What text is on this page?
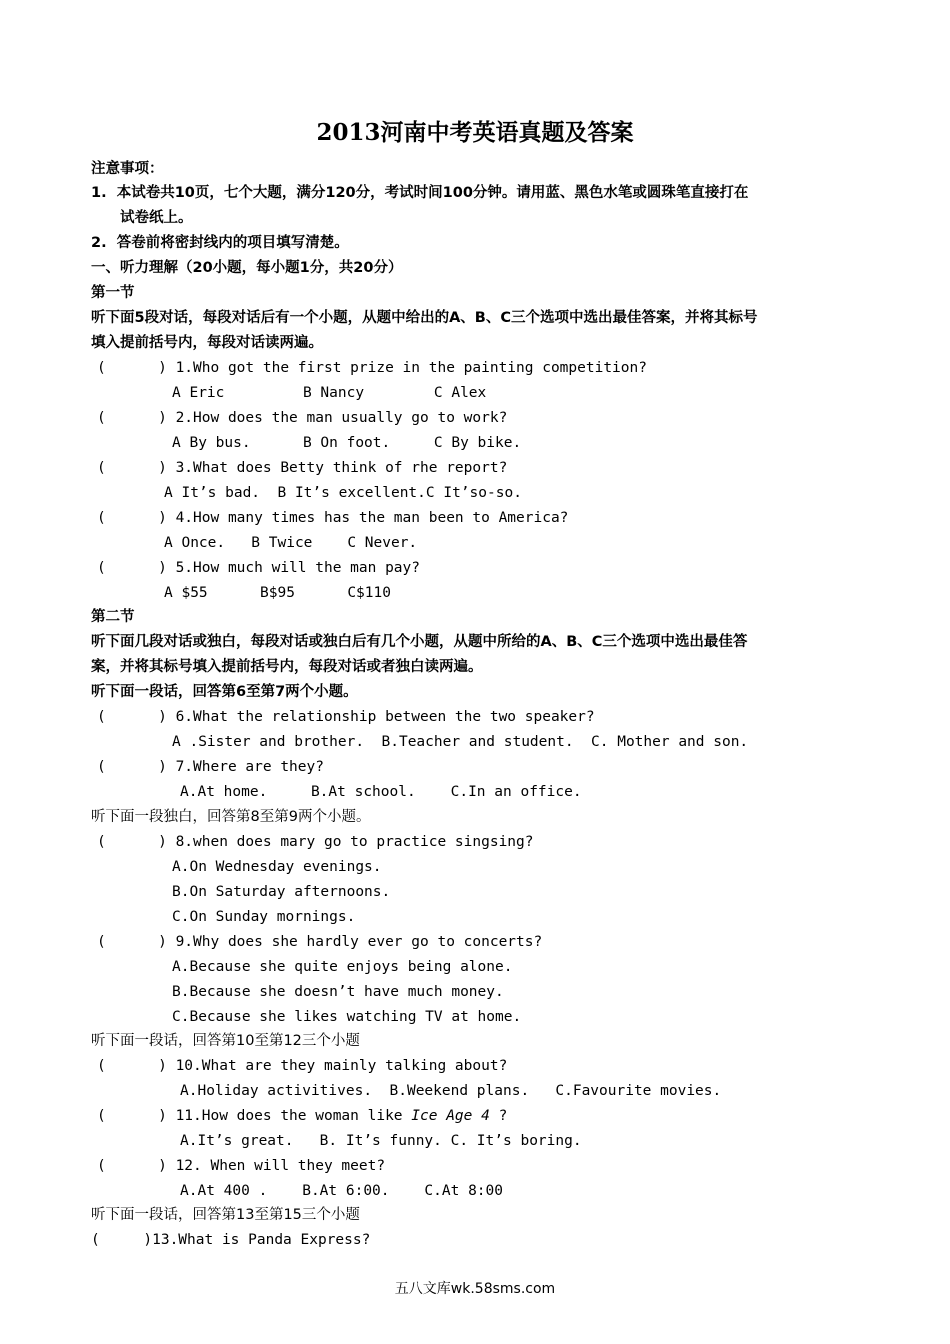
2013河南中考英语真题及答案
注意事项：
1.  本试卷共10页，七个大题，满分120分，考试时间100分钟。请用蓝、黑色水笔或圆珠笔直接打在
试卷纸上。
2.  答卷前将密封线内的项目填写清楚。
一、听力理解（20小题，每小题1分，共20分）
第一节
听下面5段对话，每段对话后有一个小题，从题中给出的A、B、C三个选项中选出最佳答案，并将其标号
填入提前括号内，每段对话读两遍。
(      ) 1.Who got the first prize in the painting competition?
A Eric         B Nancy        C Alex
(      ) 2.How does the man usually go to work?
A By bus.      B On foot.     C By bike.
(      ) 3.What does Betty think of rhe report?
A It’s bad.  B It’s excellent.C It’so-so.
(      ) 4.How many times has the man been to America?
A Once.   B Twice    C Never.
(      ) 5.How much will the man pay?
A $55      B$95      C$110
第二节
听下面几段对话或独白，每段对话或独白后有几个小题，从题中所给的A、B、C三个选项中选出最佳答
案，并将其标号填入提前括号内，每段对话或者独白读两遍。
听下面一段话，回答第6至第7两个小题。
(      ) 6.What the relationship between the two speaker?
A .Sister and brother.  B.Teacher and student.  C. Mother and son.
(      ) 7.Where are they?
A.At home.     B.At school.    C.In an office.
听下面一段独白，回答第8至第9两个小题。
(      ) 8.when does mary go to practice singsing?
A.On Wednesday evenings.
B.On Saturday afternoons.
C.On Sunday mornings.
(      ) 9.Why does she hardly ever go to concerts?
A.Because she quite enjoys being alone.
B.Because she doesn’t have much money.
C.Because she likes watching TV at home.
听下面一段话，回答第10至第12三个小题
(      ) 10.What are they mainly talking about?
A.Holiday activitives.  B.Weekend plans.   C.Favourite movies.
(      ) 11.How does the woman like Ice Age 4 ?
A.It’s great.   B. It’s funny. C. It’s boring.
(      ) 12. When will they meet?
A.At 400 .    B.At 6:00.    C.At 8:00
听下面一段话，回答第13至第15三个小题
(     )13.What is Panda Express?
五八文库wk.58sms.com
